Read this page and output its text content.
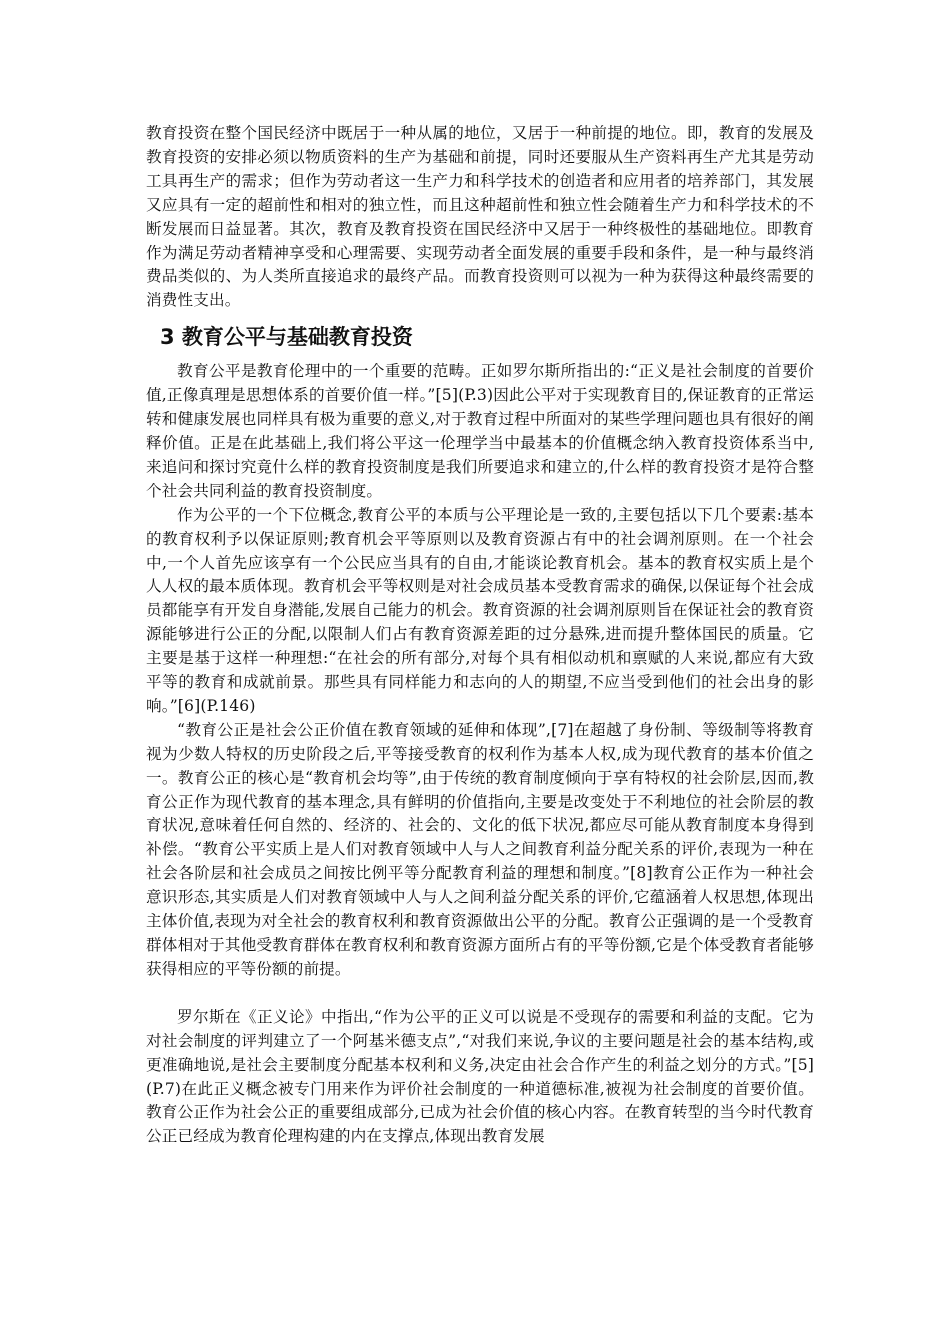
教育投资在整个国民经济中既居于一种从属的地位，又居于一种前提的地位。即，教育的发展及教育投资的安排必须以物质资料的生产为基础和前提，同时还要服从生产资料再生产尤其是劳动工具再生产的需求；但作为劳动者这一生产力和科学技术的创造者和应用者的培养部门，其发展又应具有一定的超前性和相对的独立性，而且这种超前性和独立性会随着生产力和科学技术的不断发展而日益显著。其次，教育及教育投资在国民经济中又居于一种终极性的基础地位。即教育作为满足劳动者精神享受和心理需要、实现劳动者全面发展的重要手段和条件，是一种与最终消费品类似的、为人类所直接追求的最终产品。而教育投资则可以视为一种为获得这种最终需要的消费性支出。

3 教育公平与基础教育投资

教育公平是教育伦理中的一个重要的范畴。正如罗尔斯所指出的:“正义是社会制度的首要价值,正像真理是思想体系的首要价值一样。”[5](P.3)因此公平对于实现教育目的,保证教育的正常运转和健康发展也同样具有极为重要的意义,对于教育过程中所面对的某些学理问题也具有很好的阐释价值。正是在此基础上,我们将公平这一伦理学当中最基本的价值概念纳入教育投资体系当中,来追问和探讨究竟什么样的教育投资制度是我们所要追求和建立的,什么样的教育投资才是符合整个社会共同利益的教育投资制度。

作为公平的一个下位概念,教育公平的本质与公平理论是一致的,主要包括以下几个要素:基本的教育权利予以保证原则;教育机会平等原则以及教育资源占有中的社会调剂原则。在一个社会中,一个人首先应该享有一个公民应当具有的自由,才能谈论教育机会。基本的教育权实质上是个人人权的最本质体现。教育机会平等权则是对社会成员基本受教育需求的确保,以保证每个社会成员都能享有开发自身潜能,发展自己能力的机会。教育资源的社会调剂原则旨在保证社会的教育资源能够进行公正的分配,以限制人们占有教育资源差距的过分悬殊,进而提升整体国民的质量。它主要是基于这样一种理想:“在社会的所有部分,对每个具有相似动机和禀赋的人来说,都应有大致平等的教育和成就前景。那些具有同样能力和志向的人的期望,不应当受到他们的社会出身的影响。”[6](P.146)

“教育公正是社会公正价值在教育领域的延伸和体现”,[7]在超越了身份制、等级制等将教育视为少数人特权的历史阶段之后,平等接受教育的权利作为基本人权,成为现代教育的基本价值之一。教育公正的核心是“教育机会均等”,由于传统的教育制度倾向于享有特权的社会阶层,因而,教育公正作为现代教育的基本理念,具有鲜明的价值指向,主要是改变处于不利地位的社会阶层的教育状况,意味着任何自然的、经济的、社会的、文化的低下状况,都应尽可能从教育制度本身得到补偿。“教育公平实质上是人们对教育领域中人与人之间教育利益分配关系的评价,表现为一种在社会各阶层和社会成员之间按比例平等分配教育利益的理想和制度。”[8]教育公正作为一种社会意识形态,其实质是人们对教育领域中人与人之间利益分配关系的评价,它蕴涵着人权思想,体现出主体价值,表现为对全社会的教育权利和教育资源做出公平的分配。教育公正强调的是一个受教育群体相对于其他受教育群体在教育权利和教育资源方面所占有的平等份额,它是个体受教育者能够获得相应的平等份额的前提。

罗尔斯在《正义论》中指出,“作为公平的正义可以说是不受现存的需要和利益的支配。它为对社会制度的评判建立了一个阿基米德支点”,“对我们来说,争议的主要问题是社会的基本结构,或更准确地说,是社会主要制度分配基本权利和义务,决定由社会合作产生的利益之划分的方式。”[5](P.7)在此正义概念被专门用来作为评价社会制度的一种道德标准,被视为社会制度的首要价值。教育公正作为社会公正的重要组成部分,已成为社会价值的核心内容。在教育转型的当今时代教育公正已经成为教育伦理构建的内在支撑点,体现出教育发展
